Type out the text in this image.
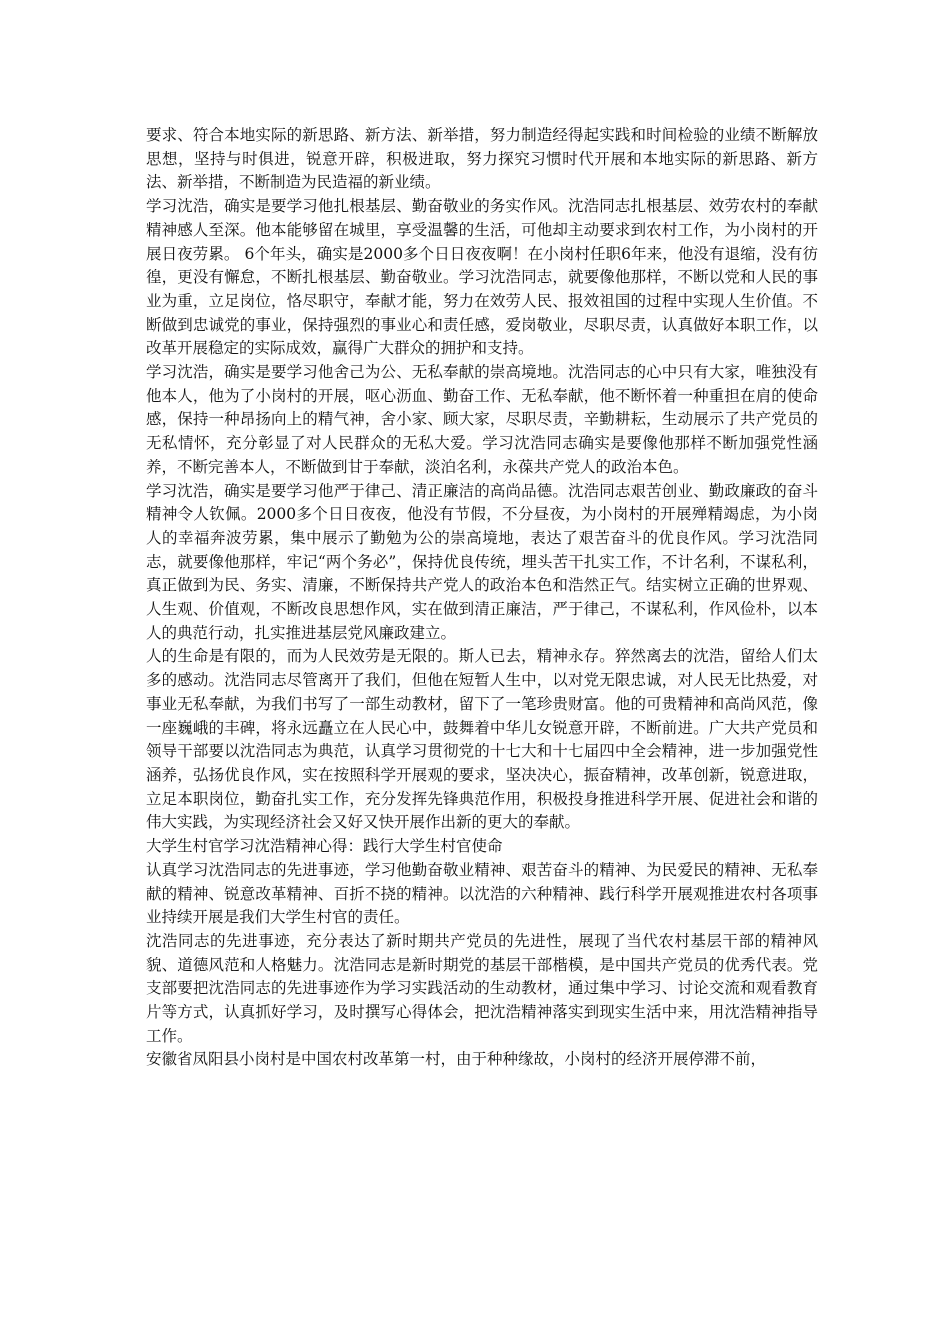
要求、符合本地实际的新思路、新方法、新举措，努力制造经得起实践和时间检验的业绩不断解放思想，坚持与时俱进，锐意开辟，积极进取，努力探究习惯时代开展和本地实际的新思路、新方法、新举措，不断制造为民造福的新业绩。

学习沈浩，确实是要学习他扎根基层、勤奋敬业的务实作风。沈浩同志扎根基层、效劳农村的奉献精神感人至深。他本能够留在城里，享受温馨的生活，可他却主动要求到农村工作，为小岗村的开展日夜劳累。 6个年头，确实是2000多个日日夜夜啊！在小岗村任职6年来，他没有退缩，没有彷徨，更没有懈怠，不断扎根基层、勤奋敬业。学习沈浩同志，就要像他那样，不断以党和人民的事业为重，立足岗位，恪尽职守，奉献才能，努力在效劳人民、报效祖国的过程中实现人生价值。不断做到忠诚党的事业，保持强烈的事业心和责任感，爱岗敬业，尽职尽责，认真做好本职工作，以改革开展稳定的实际成效，赢得广大群众的拥护和支持。

学习沈浩，确实是要学习他舍己为公、无私奉献的崇高境地。沈浩同志的心中只有大家，唯独没有他本人，他为了小岗村的开展，呕心沥血、勤奋工作、无私奉献，他不断怀着一种重担在肩的使命感，保持一种昂扬向上的精气神，舍小家、顾大家，尽职尽责，辛勤耕耘，生动展示了共产党员的无私情怀，充分彰显了对人民群众的无私大爱。学习沈浩同志确实是要像他那样不断加强党性涵养，不断完善本人，不断做到甘于奉献，淡泊名利，永葆共产党人的政治本色。

学习沈浩，确实是要学习他严于律己、清正廉洁的高尚品德。沈浩同志艰苦创业、勤政廉政的奋斗精神令人钦佩。2000多个日日夜夜，他没有节假，不分昼夜，为小岗村的开展殚精竭虑，为小岗人的幸福奔波劳累，集中展示了勤勉为公的崇高境地，表达了艰苦奋斗的优良作风。学习沈浩同志，就要像他那样，牢记“两个务必”，保持优良传统，埋头苦干扎实工作，不计名利，不谋私利，真正做到为民、务实、清廉，不断保持共产党人的政治本色和浩然正气。结实树立正确的世界观、人生观、价值观，不断改良思想作风，实在做到清正廉洁，严于律己，不谋私利，作风俭朴，以本人的典范行动，扎实推进基层党风廉政建立。

人的生命是有限的，而为人民效劳是无限的。斯人已去，精神永存。猝然离去的沈浩，留给人们太多的感动。沈浩同志尽管离开了我们，但他在短暂人生中，以对党无限忠诚，对人民无比热爱，对事业无私奉献，为我们书写了一部生动教材，留下了一笔珍贵财富。他的可贵精神和高尚风范，像一座巍峨的丰碑，将永远矗立在人民心中，鼓舞着中华儿女锐意开辟，不断前进。广大共产党员和领导干部要以沈浩同志为典范，认真学习贯彻党的十七大和十七届四中全会精神，进一步加强党性涵养，弘扬优良作风，实在按照科学开展观的要求，坚决决心，振奋精神，改革创新，锐意进取，立足本职岗位，勤奋扎实工作，充分发挥先锋典范作用，积极投身推进科学开展、促进社会和谐的伟大实践，为实现经济社会又好又快开展作出新的更大的奉献。

大学生村官学习沈浩精神心得：践行大学生村官使命

认真学习沈浩同志的先进事迹，学习他勤奋敬业精神、艰苦奋斗的精神、为民爱民的精神、无私奉献的精神、锐意改革精神、百折不挠的精神。以沈浩的六种精神、践行科学开展观推进农村各项事业持续开展是我们大学生村官的责任。

沈浩同志的先进事迹，充分表达了新时期共产党员的先进性，展现了当代农村基层干部的精神风貌、道德风范和人格魅力。沈浩同志是新时期党的基层干部楷模，是中国共产党员的优秀代表。党支部要把沈浩同志的先进事迹作为学习实践活动的生动教材，通过集中学习、讨论交流和观看教育片等方式，认真抓好学习，及时撰写心得体会，把沈浩精神落实到现实生活中来，用沈浩精神指导工作。

安徽省凤阳县小岗村是中国农村改革第一村，由于种种缘故，小岗村的经济开展停滞不前，
